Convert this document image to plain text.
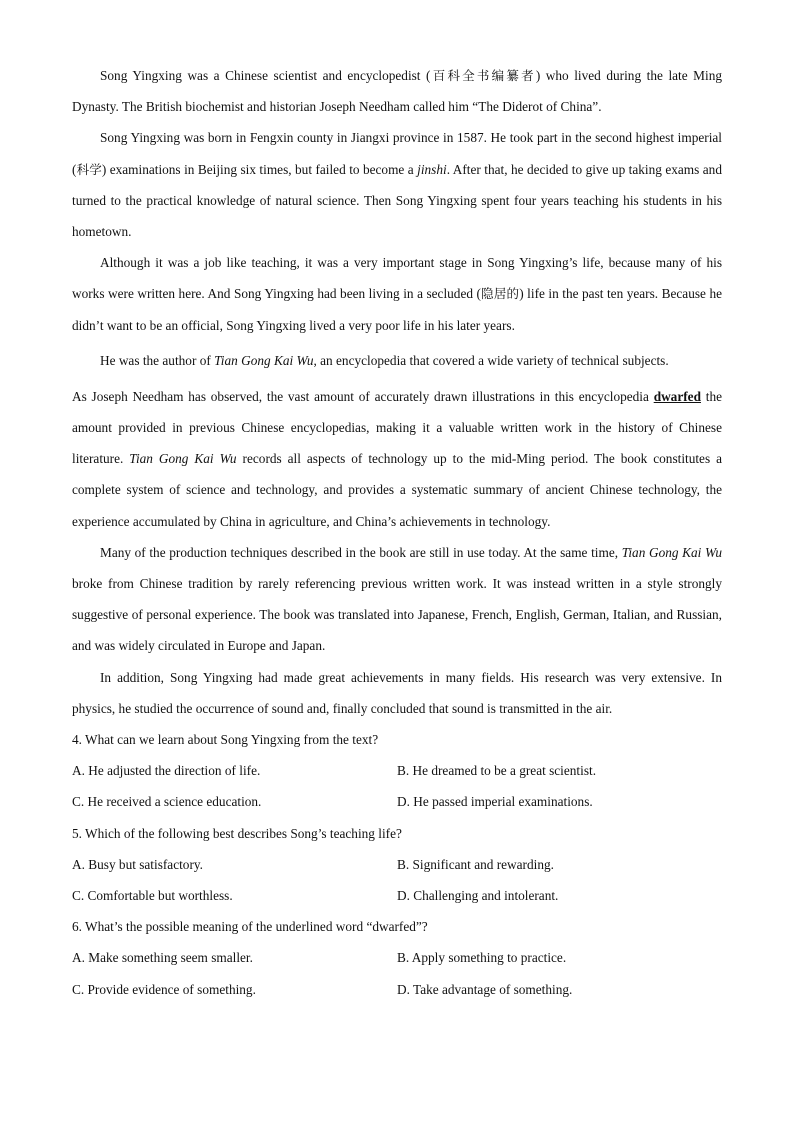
Song Yingxing was a Chinese scientist and encyclopedist (百科全书编纂者) who lived during the late Ming Dynasty. The British biochemist and historian Joseph Needham called him “The Diderot of China”.

Song Yingxing was born in Fengxin county in Jiangxi province in 1587. He took part in the second highest imperial (科学) examinations in Beijing six times, but failed to become a jinshi. After that, he decided to give up taking exams and turned to the practical knowledge of natural science. Then Song Yingxing spent four years teaching his students in his hometown.

Although it was a job like teaching, it was a very important stage in Song Yingxing’s life, because many of his works were written here. And Song Yingxing had been living in a secluded (隐居的) life in the past ten years. Because he didn’t want to be an official, Song Yingxing lived a very poor life in his later years.

He was the author of Tian Gong Kai Wu, an encyclopedia that covered a wide variety of technical subjects.

As Joseph Needham has observed, the vast amount of accurately drawn illustrations in this encyclopedia dwarfed the amount provided in previous Chinese encyclopedias, making it a valuable written work in the history of Chinese literature. Tian Gong Kai Wu records all aspects of technology up to the mid-Ming period. The book constitutes a complete system of science and technology, and provides a systematic summary of ancient Chinese technology, the experience accumulated by China in agriculture, and China’s achievements in technology.

Many of the production techniques described in the book are still in use today. At the same time, Tian Gong Kai Wu broke from Chinese tradition by rarely referencing previous written work. It was instead written in a style strongly suggestive of personal experience. The book was translated into Japanese, French, English, German, Italian, and Russian, and was widely circulated in Europe and Japan.

In addition, Song Yingxing had made great achievements in many fields. His research was very extensive. In physics, he studied the occurrence of sound and, finally concluded that sound is transmitted in the air.

4. What can we learn about Song Yingxing from the text?

A. He adjusted the direction of life.	B. He dreamed to be a great scientist.
C. He received a science education.	D. He passed imperial examinations.

5. Which of the following best describes Song’s teaching life?

A. Busy but satisfactory.	B. Significant and rewarding.
C. Comfortable but worthless.	D. Challenging and intolerant.

6. What’s the possible meaning of the underlined word “dwarfed”?

A. Make something seem smaller.	B. Apply something to practice.
C. Provide evidence of something.	D. Take advantage of something.
